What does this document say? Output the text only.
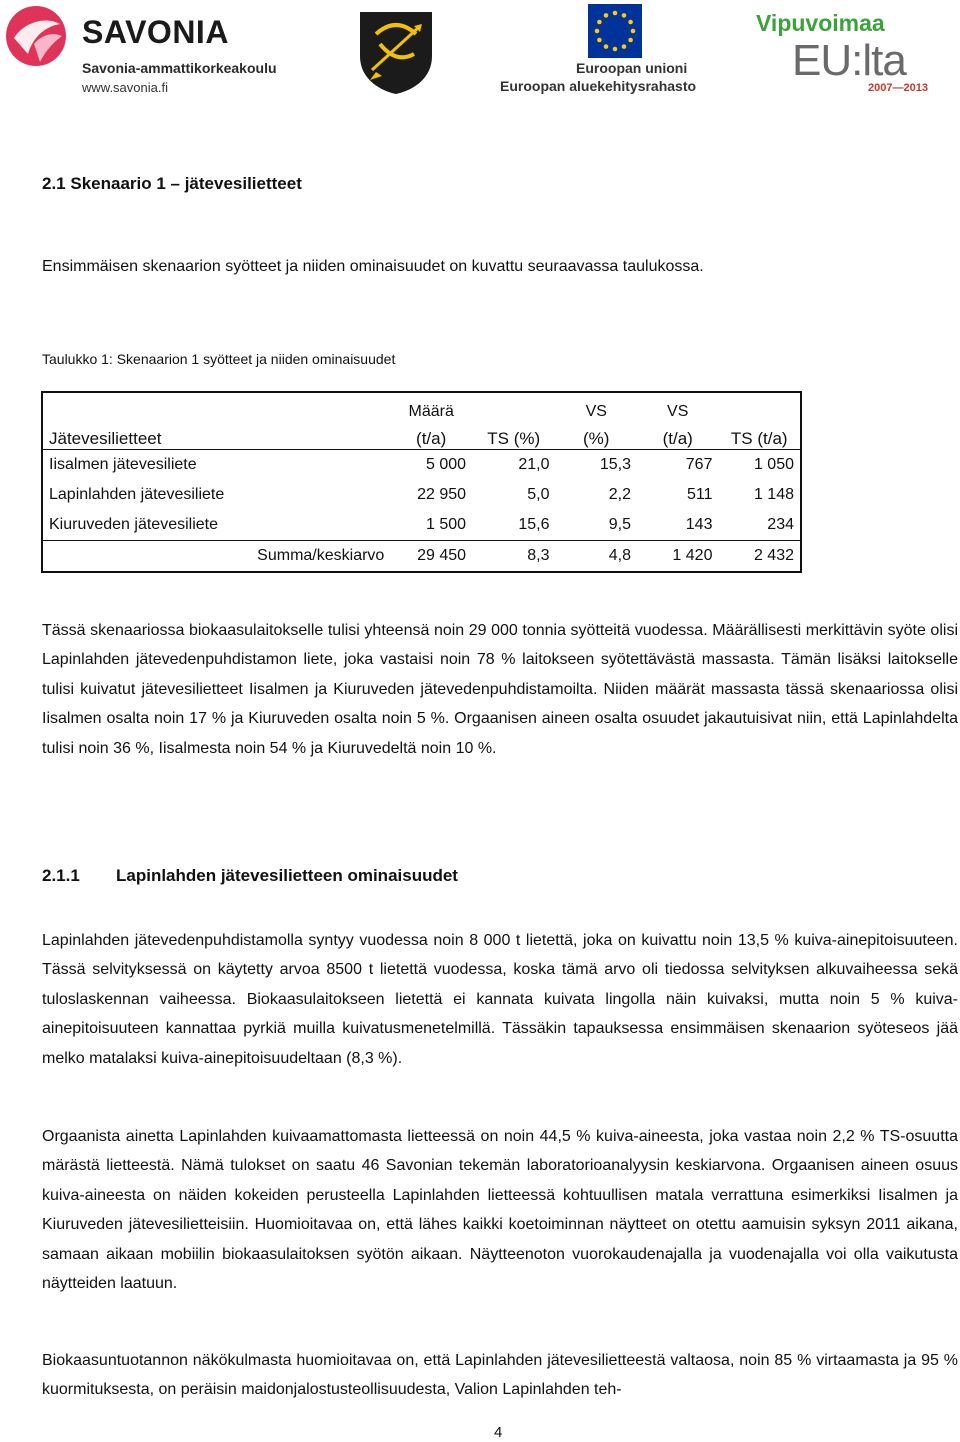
SAVONIA
Savonia-ammattikorkeakoulu
www.savonia.fi
Euroopan unioni
Euroopan aluekehitysrahasto
Vipuvoimaa
EU:lta
2007—2013
2.1 Skenaario 1 – jätevesilietteet
Ensimmäisen skenaarion syötteet ja niiden ominaisuudet on kuvattu seuraavassa taulukossa.
Taulukko 1: Skenaarion 1 syötteet ja niiden ominaisuudet
	Määrä		VS	VS	
Jätevesilietteet	(t/a)	TS (%)	(%)	(t/a)	TS (t/a)
Iisalmen jätevesiliete	5 000	21,0	15,3	767	1 050
Lapinlahden jätevesiliete	22 950	5,0	2,2	511	1 148
Kiuruveden jätevesiliete	1 500	15,6	9,5	143	234
Summa/keskiarvo	29 450	8,3	4,8	1 420	2 432
Tässä skenaariossa biokaasulaitokselle tulisi yhteensä noin 29 000 tonnia syötteitä vuodessa. Määrällisesti merkittävin syöte olisi Lapinlahden jätevedenpuhdistamon liete, joka vastaisi noin 78 % laitokseen syötettävästä massasta. Tämän lisäksi laitokselle tulisi kuivatut jätevesilietteet Iisalmen ja Kiuruveden jätevedenpuhdistamoilta. Niiden määrät massasta tässä skenaariossa olisi Iisalmen osalta noin 17 % ja Kiuruveden osalta noin 5 %. Orgaanisen aineen osalta osuudet jakautuisivat niin, että Lapinlahdelta tulisi noin 36 %, Iisalmesta noin 54 % ja Kiuruvedeltä noin 10 %.
2.1.1 Lapinlahden jätevesilietteen ominaisuudet
Lapinlahden jätevedenpuhdistamolla syntyy vuodessa noin 8 000 t lietettä, joka on kuivattu noin 13,5 % kuiva-ainepitoisuuteen. Tässä selvityksessä on käytetty arvoa 8500 t lietettä vuodessa, koska tämä arvo oli tiedossa selvityksen alkuvaiheessa sekä tuloslaskennan vaiheessa. Biokaasulaitokseen lietettä ei kannata kuivata lingolla näin kuivaksi, mutta noin 5 % kuiva-ainepitoisuuteen kannattaa pyrkiä muilla kuivatusmenetelmillä. Tässäkin tapauksessa ensimmäisen skenaarion syöteseos jää melko matalaksi kuiva-ainepitoisuudeltaan (8,3 %).
Orgaanista ainetta Lapinlahden kuivaamattomasta lietteessä on noin 44,5 % kuiva-aineesta, joka vastaa noin 2,2 % TS-osuutta märästä lietteestä. Nämä tulokset on saatu 46 Savonian tekemän laboratorioanalyysin keskiarvona. Orgaanisen aineen osuus kuiva-aineesta on näiden kokeiden perusteella Lapinlahden lietteessä kohtuullisen matala verrattuna esimerkiksi Iisalmen ja Kiuruveden jätevesilietteisiin. Huomioitavaa on, että lähes kaikki koetoiminnan näytteet on otettu aamuisin syksyn 2011 aikana, samaan aikaan mobiilin biokaasulaitoksen syötön aikaan. Näytteenoton vuorokaudenajalla ja vuodenajalla voi olla vaikutusta näytteiden laatuun.
Biokaasuntuotannon näkökulmasta huomioitavaa on, että Lapinlahden jätevesilietteestä valtaosa, noin 85 % virtaamasta ja 95 % kuormituksesta, on peräisin maidonjalostusteollisuudesta, Valion Lapinlahden teh-
4
